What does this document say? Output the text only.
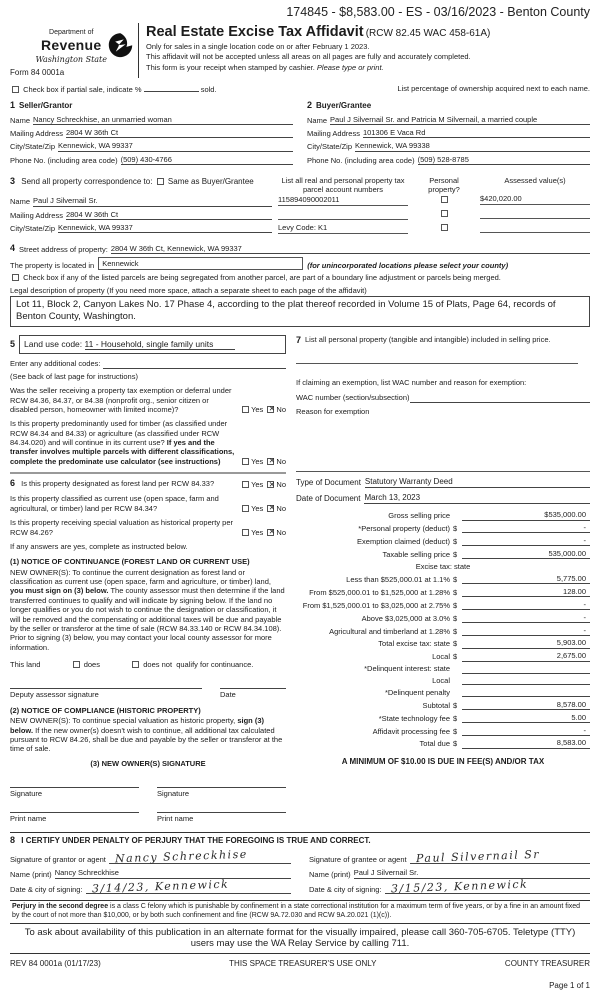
174845 - $8,583.00 - ES - 03/16/2023 - Benton County
Department of
Revenue
Washington State
Form 84 0001a
Real Estate Excise Tax Affidavit (RCW 82.45 WAC 458-61A)
Only for sales in a single location code on or after February 1 2023.
This affidavit will not be accepted unless all areas on all pages are fully and accurately completed.
This form is your receipt when stamped by cashier. Please type or print.
Check box if partial sale, indicate %	sold.	List percentage of ownership acquired next to each name.
1 Seller/Grantor
Name Nancy Schreckhise, an unmarried woman
Mailing Address 2804 W 36th Ct
City/State/Zip Kennewick, WA 99337
Phone No. (including area code) (509) 430-4766
2 Buyer/Grantee
Name Paul J Silvernail Sr. and Patricia M Silvernail, a married couple
Mailing Address 101306 E Vaca Rd
City/State/Zip Kennewick, WA 99338
Phone No. (including area code) (509) 528-8785
3 Send all property correspondence to: Same as Buyer/Grantee
Name Paul J Silvernail Sr.
Mailing Address 2804 W 36th Ct
City/State/Zip Kennewick, WA 99337
List all real and personal property tax parcel account numbers
115894090002011
Levy Code: K1
Personal property?
Assessed value(s)
$420,020.00
4 Street address of property: 2804 W 36th Ct, Kennewick, WA 99337
The property is located in	Kennewick	(for unincorporated locations please select your county)
Check box if any of the listed parcels are being segregated from another parcel, are part of a boundary line adjustment or parcels being merged.
Legal description of property (If you need more space, attach a separate sheet to each page of the affidavit)
Lot 11, Block 2, Canyon Lakes No. 17 Phase 4, according to the plat thereof recorded in Volume 15 of Plats, Page 64, records of Benton County, Washington.
5	Land use code: 11 - Household, single family units
Enter any additional codes:
(See back of last page for instructions)
Was the seller receiving a property tax exemption or deferral under RCW 84.36, 84.37, or 84.38 (nonprofit org., senior citizen or disabled person, homeowner with limited income)?	Yes ✕ No
Is this property predominantly used for timber (as classified under RCW 84.34 and 84.33) or agriculture (as classified under RCW 84.34.020) and will continue in its current use? If yes and the transfer involves multiple parcels with different classifications, complete the predominate use calculator (see instructions)	Yes ✕ No
6 Is this property designated as forest land per RCW 84.33?	Yes ✕ No
Is this property classified as current use (open space, farm and agricultural, or timber) land per RCW 84.34?	Yes ✕ No
Is this property receiving special valuation as historical property per RCW 84.26?	Yes ✕ No
If any answers are yes, complete as instructed below.
(1) NOTICE OF CONTINUANCE (FOREST LAND OR CURRENT USE)
NEW OWNER(S): To continue the current designation as forest land or classification as current use (open space, farm and agriculture, or timber) land, you must sign on (3) below. The county assessor must then determine if the land transferred continues to qualify and will indicate by signing below. If the land no longer qualifies or you do not wish to continue the designation or classification, it will be removed and the compensating or additional taxes will be due and payable by the seller or transferor at the time of sale (RCW 84.33.140 or RCW 84.34.108). Prior to signing (3) below, you may contact your local county assessor for more information.
This land	does	does not qualify for continuance.
Deputy assessor signature	Date
(2) NOTICE OF COMPLIANCE (HISTORIC PROPERTY)
NEW OWNER(S): To continue special valuation as historic property, sign (3) below. If the new owner(s) doesn't wish to continue, all additional tax calculated pursuant to RCW 84.26, shall be due and payable by the seller or transferor at the time of sale.
(3) NEW OWNER(S) SIGNATURE
Signature	Signature
Print name	Print name
7 List all personal property (tangible and intangible) included in selling price.
If claiming an exemption, list WAC number and reason for exemption:
WAC number (section/subsection)
Reason for exemption
Type of Document Statutory Warranty Deed
Date of Document March 13, 2023
Gross selling price	$535,000.00
*Personal property (deduct) $	-
Exemption claimed (deduct) $	-
Taxable selling price $	535,000.00
Excise tax: state
Less than $525,000.01 at 1.1% $	5,775.00
From $525,000.01 to $1,525,000 at 1.28% $	128.00
From $1,525,000.01 to $3,025,000 at 2.75% $	-
Above $3,025,000 at 3.0% $	-
Agricultural and timberland at 1.28% $	-
Total excise tax: state $	5,903.00
Local $	2,675.00
*Delinquent interest: state
Local
*Delinquent penalty
Subtotal $	8,578.00
*State technology fee $	5.00
Affidavit processing fee $	-
Total due $	8,583.00
A MINIMUM OF $10.00 IS DUE IN FEE(S) AND/OR TAX
8 I CERTIFY UNDER PENALTY OF PERJURY THAT THE FOREGOING IS TRUE AND CORRECT.
Signature of grantor or agent Nancy Schreckhise
Name (print) Nancy Schreckhise
Date & city of signing: 3/14/23, Kennewick
Signature of grantee or agent Paul Silvernail Sr
Name (print) Paul J Silvernail Sr.
Date & city of signing: 3/15/23, Kennewick
Perjury in the second degree is a class C felony which is punishable by confinement in a state correctional institution for a maximum term of five years, or by a fine in an amount fixed by the court of not more than $10,000, or by both such confinement and fine (RCW 9A.72.030 and RCW 9A.20.021 (1)(c)).
To ask about availability of this publication in an alternate format for the visually impaired, please call 360-705-6705. Teletype (TTY) users may use the WA Relay Service by calling 711.
REV 84 0001a (01/17/23)	THIS SPACE TREASURER'S USE ONLY	COUNTY TREASURER
Page 1 of 1
